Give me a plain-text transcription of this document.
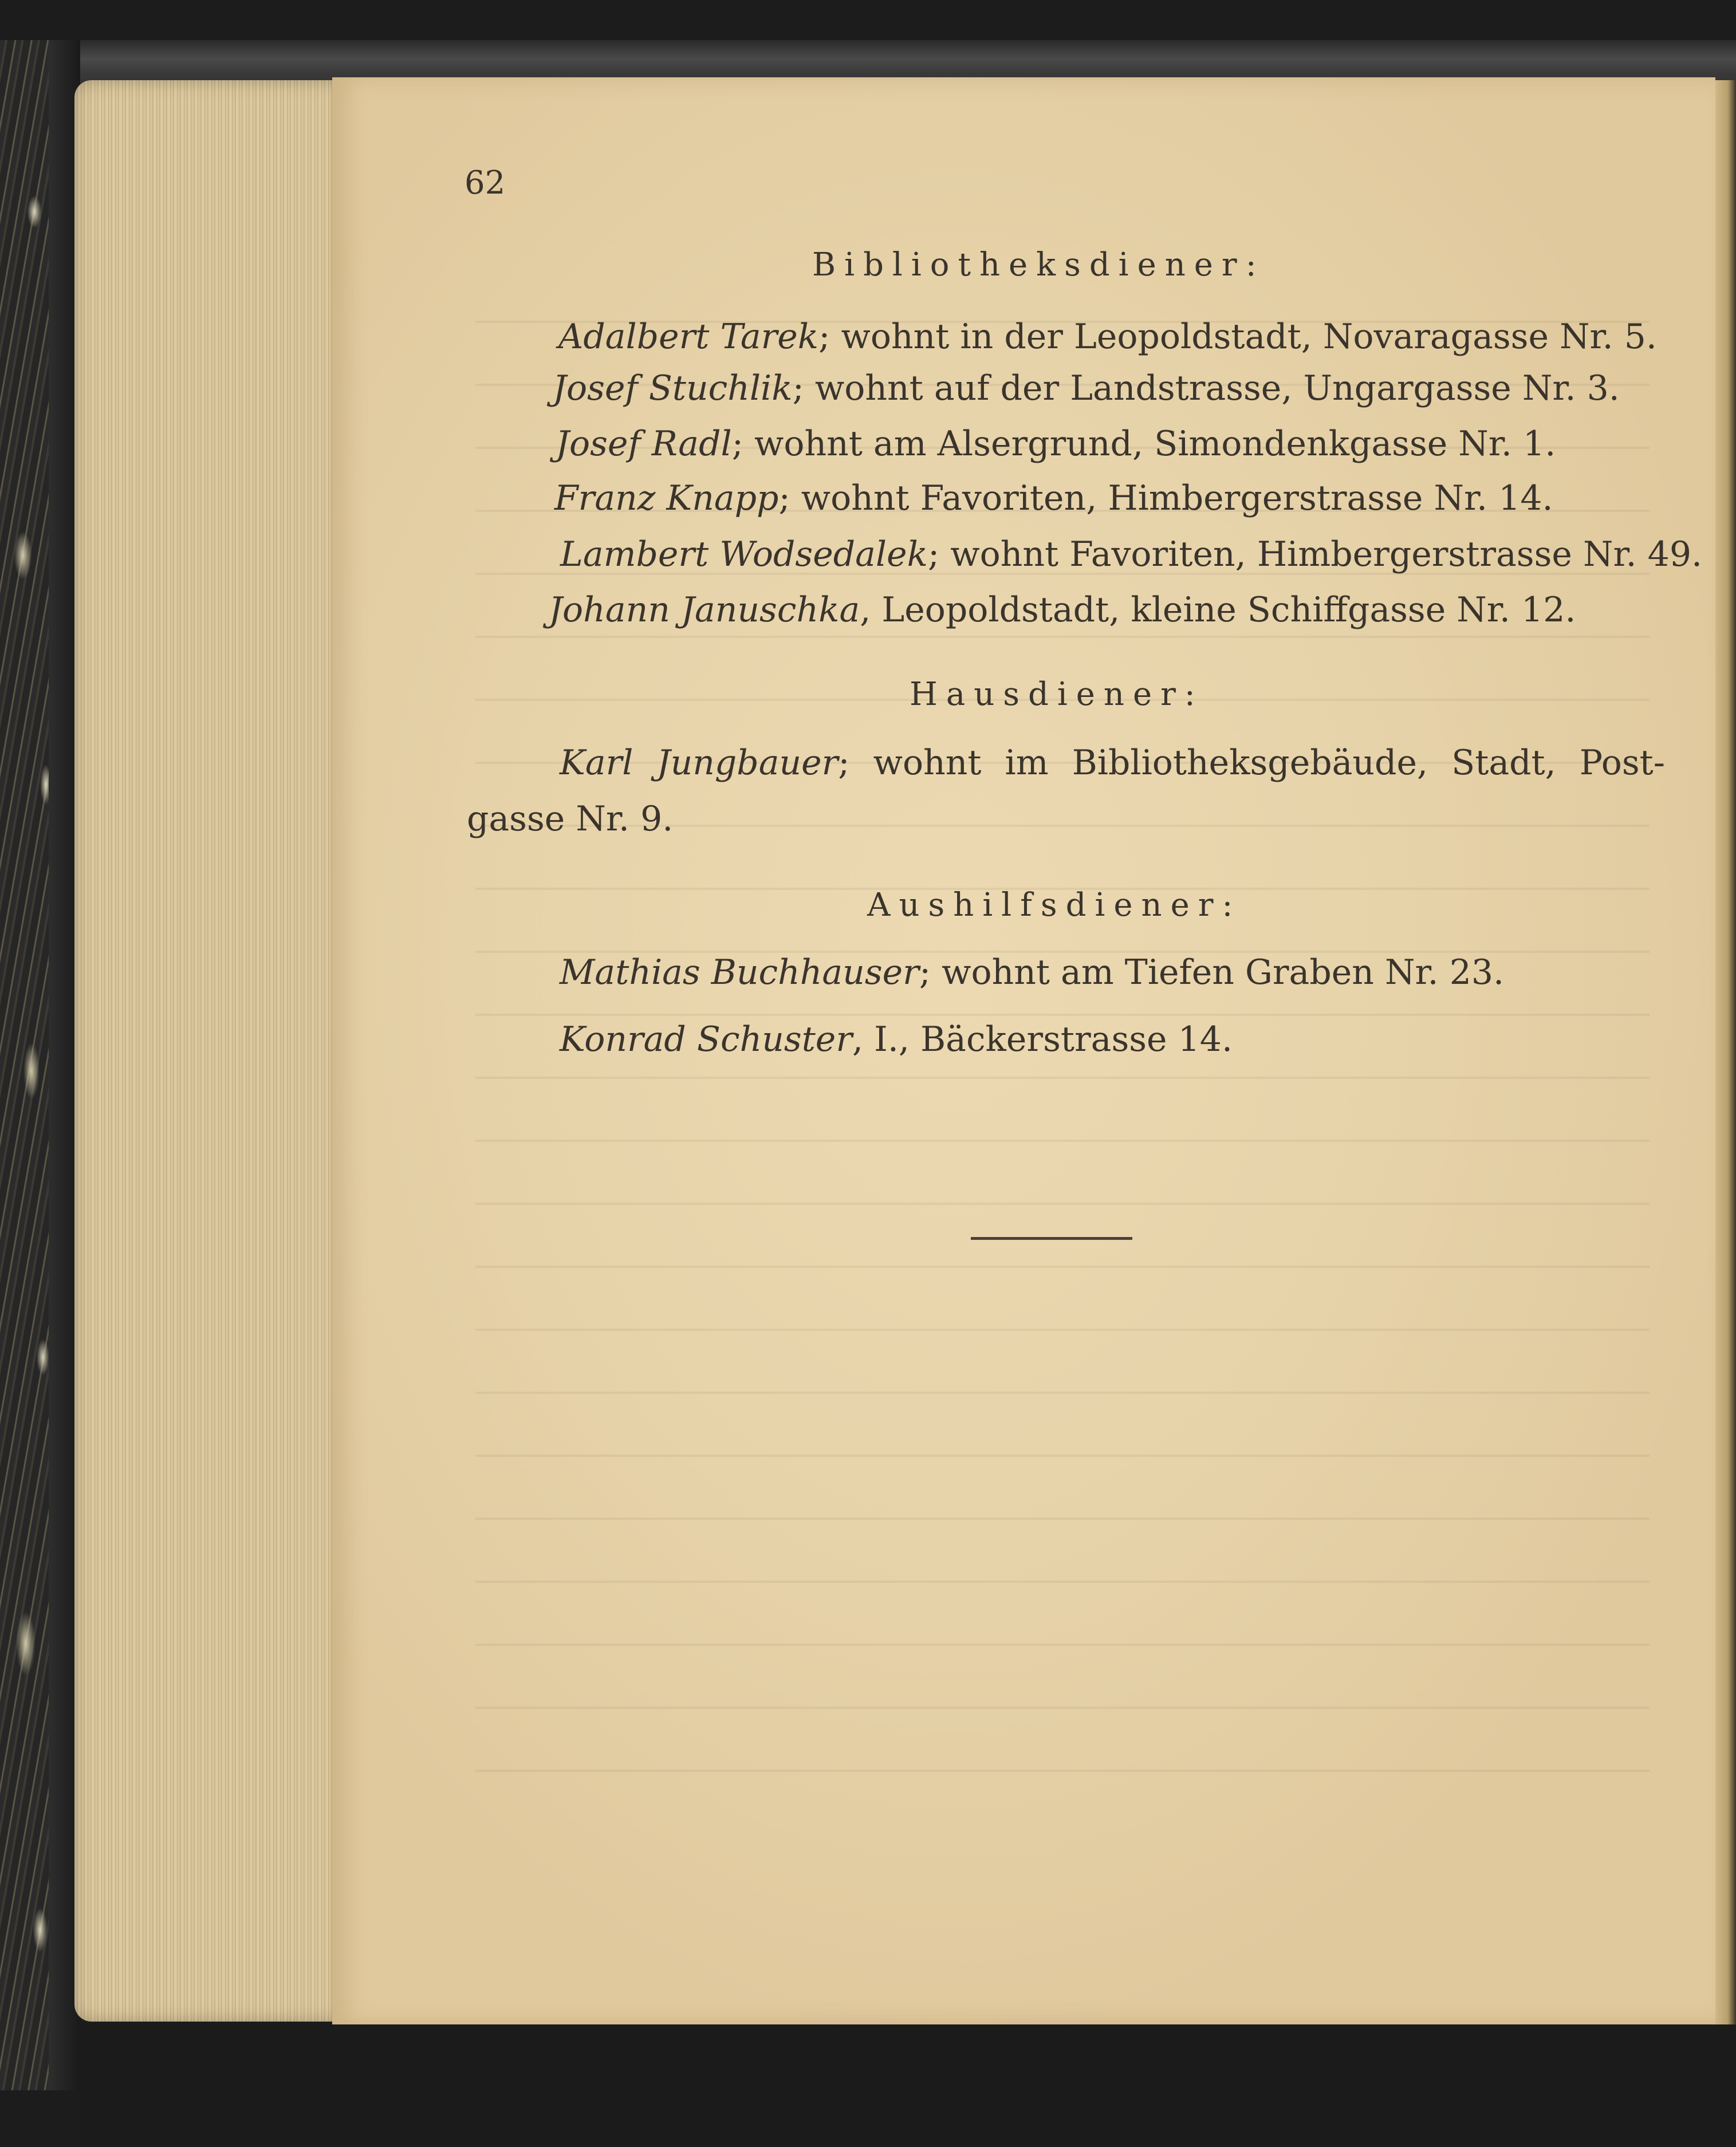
62
Bibliotheksdiener:
Adalbert Tarek; wohnt in der Leopoldstadt, Novaragasse Nr. 5.
Josef Stuchlik; wohnt auf der Landstrasse, Ungargasse Nr. 3.
Josef Radl; wohnt am Alsergrund, Simondenkgasse Nr. 1.
Franz Knapp; wohnt Favoriten, Himbergerstrasse Nr. 14.
Lambert Wodsedalek; wohnt Favoriten, Himbergerstrasse Nr. 49.
Johann Januschka, Leopoldstadt, kleine Schiffgasse Nr. 12.
Hausdiener:
Karl Jungbauer; wohnt im Bibliotheksgebäude, Stadt, Post-
gasse Nr. 9.
Aushilfsdiener:
Mathias Buchhauser; wohnt am Tiefen Graben Nr. 23.
Konrad Schuster, I., Bäckerstrasse 14.
